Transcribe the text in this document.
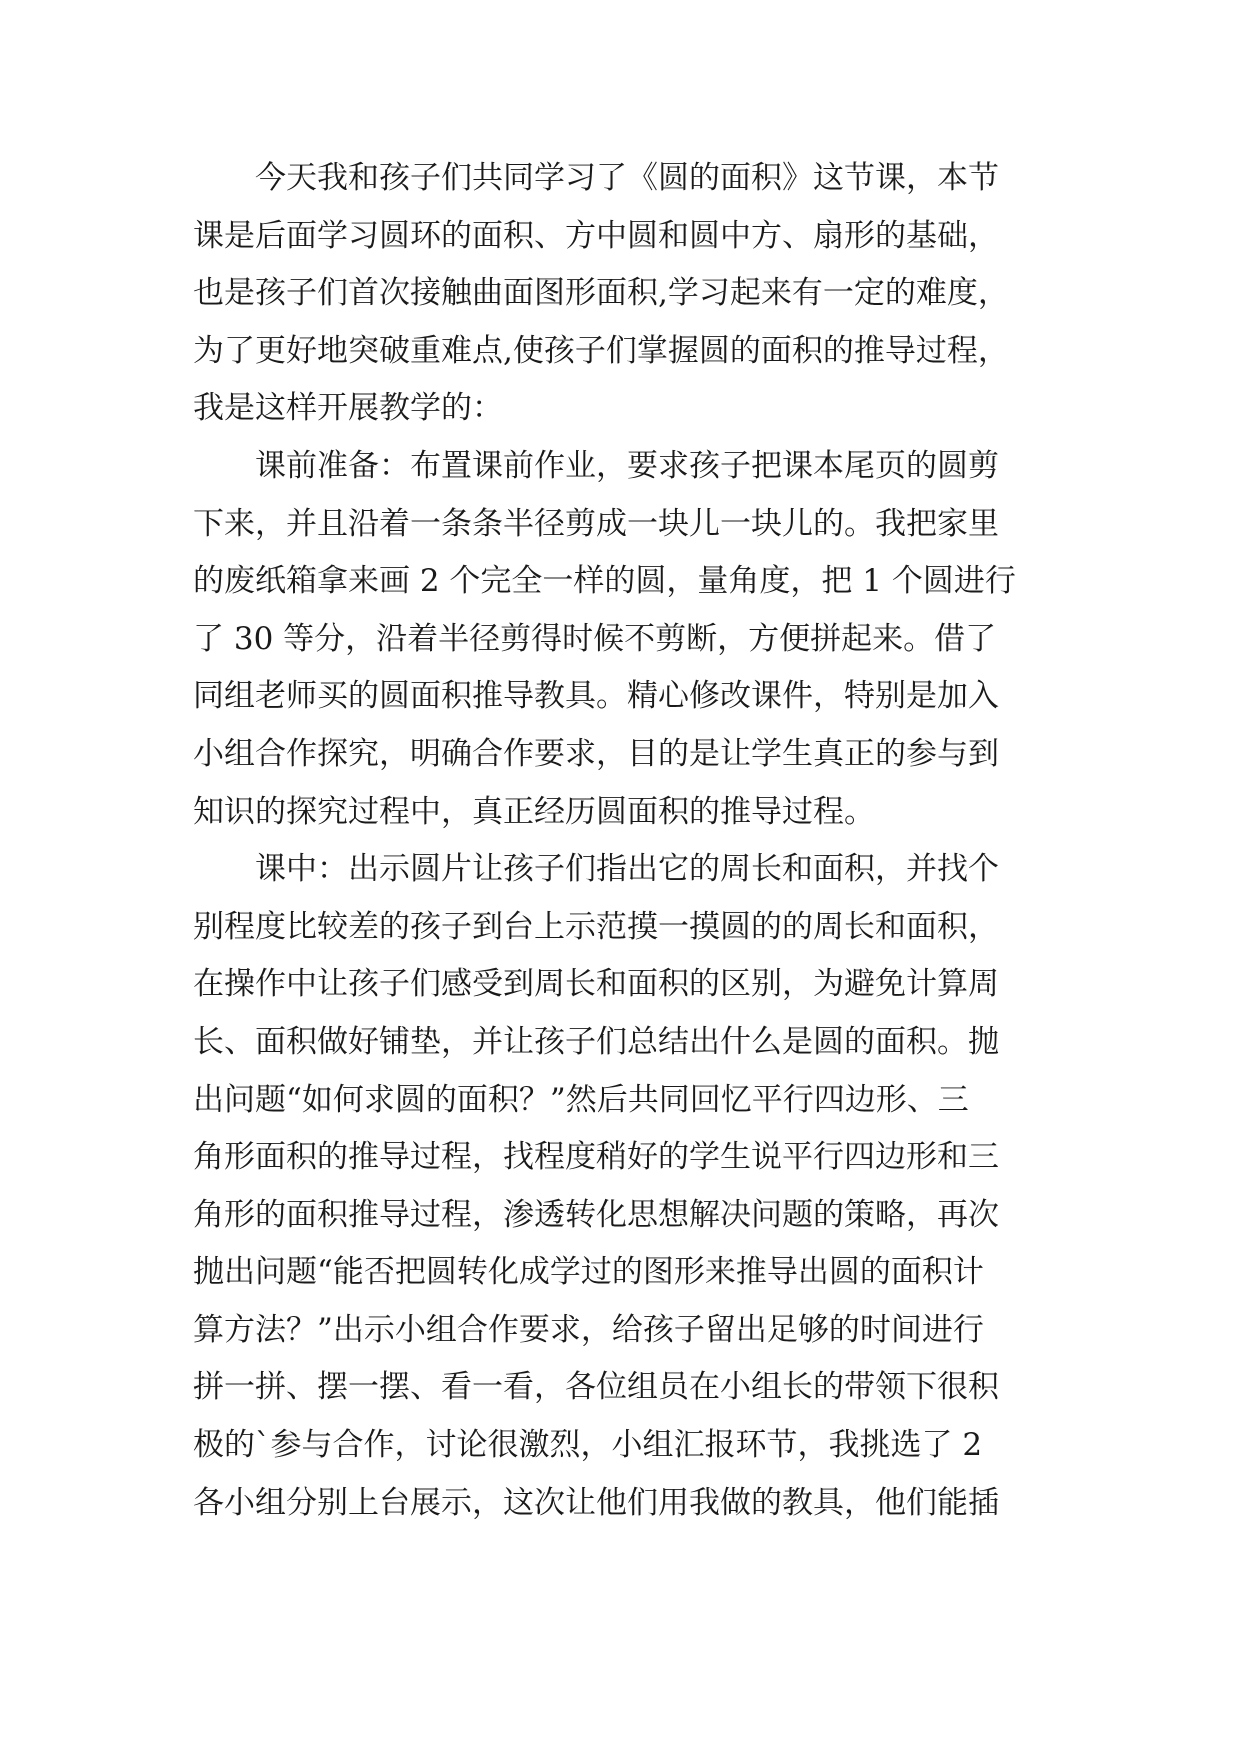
　　今天我和孩子们共同学习了《圆的面积》这节课，本节
课是后面学习圆环的面积、方中圆和圆中方、扇形的基础，
也是孩子们首次接触曲面图形面积,学习起来有一定的难度，
为了更好地突破重难点,使孩子们掌握圆的面积的推导过程，
我是这样开展教学的：
　　课前准备：布置课前作业，要求孩子把课本尾页的圆剪
下来，并且沿着一条条半径剪成一块儿一块儿的。我把家里
的废纸箱拿来画 2 个完全一样的圆，量角度，把 1 个圆进行
了 30 等分，沿着半径剪得时候不剪断，方便拼起来。借了
同组老师买的圆面积推导教具。精心修改课件，特别是加入
小组合作探究，明确合作要求，目的是让学生真正的参与到
知识的探究过程中，真正经历圆面积的推导过程。
　　课中：出示圆片让孩子们指出它的周长和面积，并找个
别程度比较差的孩子到台上示范摸一摸圆的的周长和面积，
在操作中让孩子们感受到周长和面积的区别，为避免计算周
长、面积做好铺垫，并让孩子们总结出什么是圆的面积。抛
出问题“如何求圆的面积？”然后共同回忆平行四边形、三
角形面积的推导过程，找程度稍好的学生说平行四边形和三
角形的面积推导过程，渗透转化思想解决问题的策略，再次
抛出问题“能否把圆转化成学过的图形来推导出圆的面积计
算方法？”出示小组合作要求，给孩子留出足够的时间进行
拼一拼、摆一摆、看一看，各位组员在小组长的带领下很积
极的`参与合作，讨论很激烈，小组汇报环节，我挑选了 2
各小组分别上台展示，这次让他们用我做的教具，他们能插
